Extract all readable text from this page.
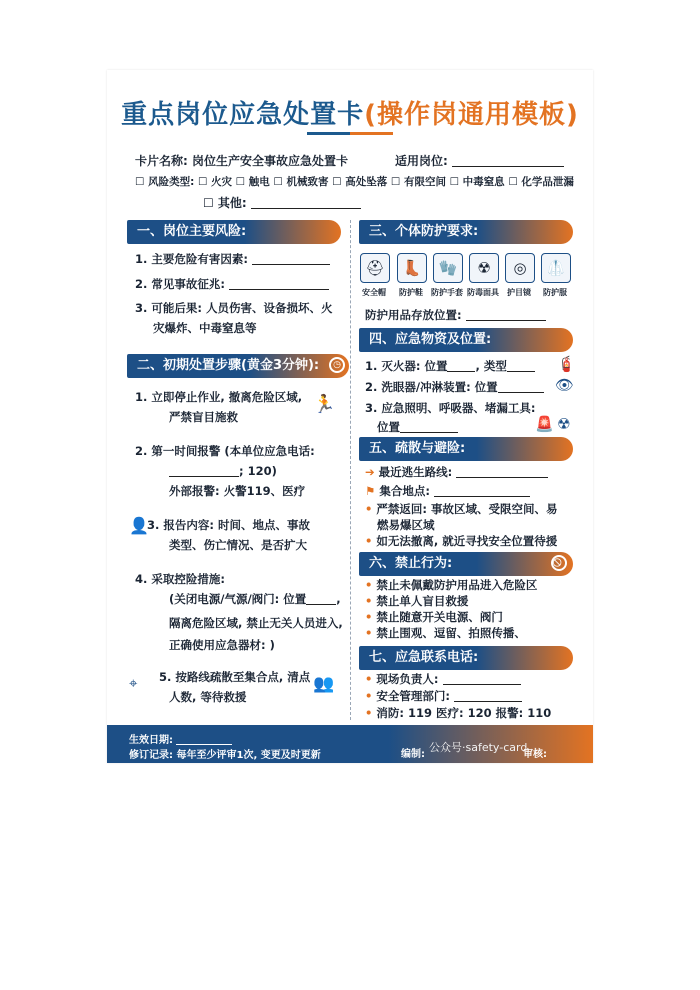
重点岗位应急处置卡(操作岗通用模板)
卡片名称: 岗位生产安全事故应急处置卡	适用岗位:
☐ 风险类型: ☐ 火灾 ☐ 触电 ☐ 机械致害 ☐ 高处坠落 ☐ 有限空间 ☐ 中毒窒息 ☐ 化学品泄漏
☐ 其他:
一、岗位主要风险:
1. 主要危险有害因素:
2. 常见事故征兆:
3. 可能后果: 人员伤害、设备损坏、火
灾爆炸、中毒窒息等
二、初期处置步骤(黄金3分钟):	◷
1. 立即停止作业, 撤离危险区域,
严禁盲目施救
🏃
2. 第一时间报警 (本单位应急电话:
; 120)
外部报警: 火警119、医疗
👤
3. 报告内容: 时间、地点、事故
类型、伤亡情况、是否扩大
4. 采取控险措施:
(关闭电源/气源/阀门: 位置	,
隔离危险区域, 禁止无关人员进入,
正确使用应急器材: )
⌖ 5. 按路线疏散至集合点, 清点
人数, 等待救援
👥
三、个体防护要求:
⛑	👢	🧤	☢	◎	🥼
安全帽	防护鞋	防护手套 防毒面具	护目镜	防护服
防护用品存放位置:
四、应急物资及位置:
1. 灭火器: 位置 , 类型	🧯
2. 洗眼器/冲淋装置: 位置	👁
3. 应急照明、呼吸器、堵漏工具:
位置	🚨 ☢
五、疏散与避险:
➔ 最近逃生路线:
⚑ 集合地点:
• 严禁返回: 事故区域、受限空间、易
燃易爆区域
• 如无法撤离, 就近寻找安全位置待援
六、禁止行为:
• 禁止未佩戴防护用品进入危险区
• 禁止单人盲目救援
• 禁止随意开关电源、阀门
• 禁止围观、逗留、拍照传播、
七、应急联系电话:
• 现场负责人:
• 安全管理部门:
• 消防: 119 医疗: 120 报警: 110
生效日期:
修订记录: 每年至少评审1次, 变更及时更新	编制:
公众号·safety-card
审核:
